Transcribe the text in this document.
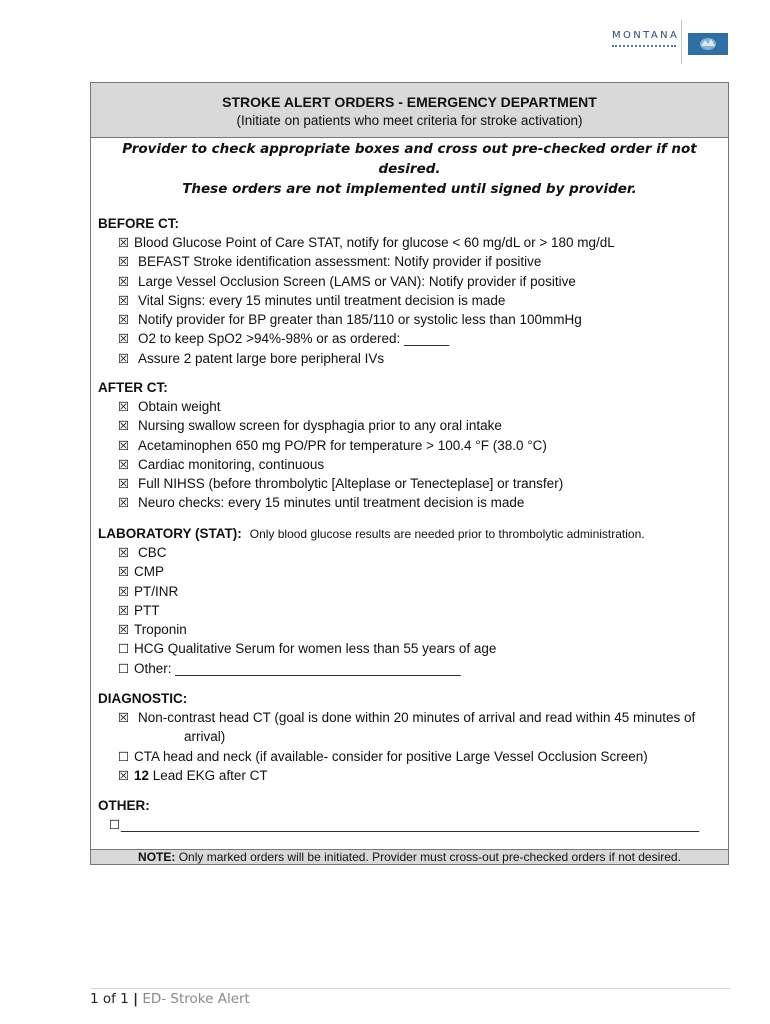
MONTANA
STROKE ALERT ORDERS - EMERGENCY DEPARTMENT
(Initiate on patients who meet criteria for stroke activation)
Provider to check appropriate boxes and cross out pre-checked order if not
desired.
These orders are not implemented until signed by provider.
BEFORE CT:
☒ Blood Glucose Point of Care STAT, notify for glucose < 60 mg/dL or > 180 mg/dL
☒ BEFAST Stroke identification assessment: Notify provider if positive
☒ Large Vessel Occlusion Screen (LAMS or VAN): Notify provider if positive
☒ Vital Signs: every 15 minutes until treatment decision is made
☒ Notify provider for BP greater than 185/110 or systolic less than 100mmHg
☒ O2 to keep SpO2 >94%-98% or as ordered: ______
☒ Assure 2 patent large bore peripheral IVs
AFTER CT:
☒ Obtain weight
☒ Nursing swallow screen for dysphagia prior to any oral intake
☒ Acetaminophen 650 mg PO/PR for temperature > 100.4 °F (38.0 °C)
☒ Cardiac monitoring, continuous
☒ Full NIHSS (before thrombolytic [Alteplase or Tenecteplase] or transfer)
☒ Neuro checks: every 15 minutes until treatment decision is made
LABORATORY (STAT): Only blood glucose results are needed prior to thrombolytic administration.
☒ CBC
☒ CMP
☒ PT/INR
☒ PTT
☒ Troponin
☐ HCG Qualitative Serum for women less than 55 years of age
☐ Other: ______________________________________
DIAGNOSTIC:
☒ Non-contrast head CT (goal is done within 20 minutes of arrival and read within 45 minutes of
arrival)
☐ CTA head and neck (if available- consider for positive Large Vessel Occlusion Screen)
☒ 12 Lead EKG after CT
OTHER:
☐_____________________________________________________________________________
NOTE: Only marked orders will be initiated. Provider must cross-out pre-checked orders if not desired.
1 of 1 | ED- Stroke Alert
